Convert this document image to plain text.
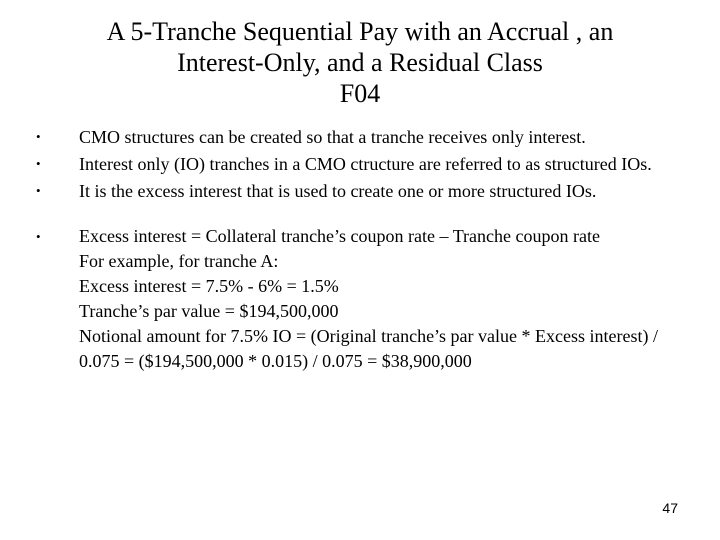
A 5-Tranche Sequential Pay with an Accrual , an
Interest-Only, and a Residual Class
F04
• CMO structures can be created so that a tranche receives only interest.
• Interest only (IO) tranches in a CMO ctructure are referred to as structured IOs.
• It is the excess interest that is used to create one or more structured IOs.
• Excess interest = Collateral tranche’s coupon rate – Tranche coupon rate
For example, for tranche A:
Excess interest = 7.5% - 6% = 1.5%
Tranche’s par value = $194,500,000
Notional amount for 7.5% IO = (Original tranche’s par value * Excess interest) / 0.075 = ($194,500,000 * 0.015) / 0.075 = $38,900,000
47
